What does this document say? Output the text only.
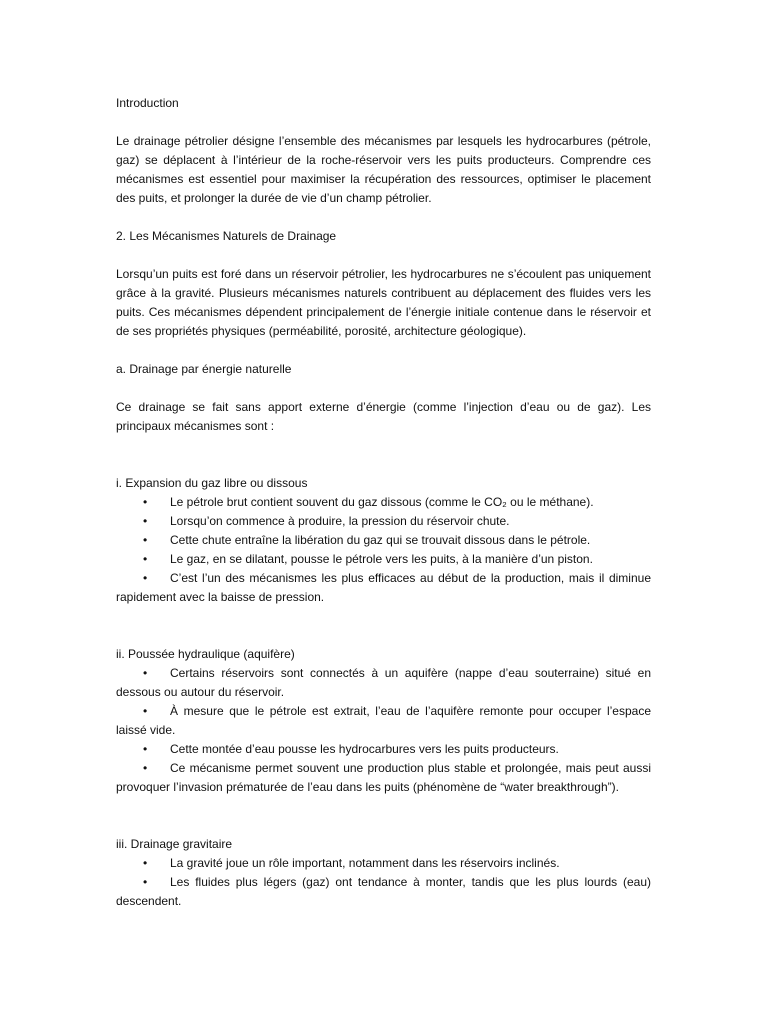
Introduction

Le drainage pétrolier désigne l’ensemble des mécanismes par lesquels les hydrocarbures (pétrole, gaz) se déplacent à l’intérieur de la roche-réservoir vers les puits producteurs. Comprendre ces mécanismes est essentiel pour maximiser la récupération des ressources, optimiser le placement des puits, et prolonger la durée de vie d’un champ pétrolier.

2. Les Mécanismes Naturels de Drainage

Lorsqu’un puits est foré dans un réservoir pétrolier, les hydrocarbures ne s’écoulent pas uniquement grâce à la gravité. Plusieurs mécanismes naturels contribuent au déplacement des fluides vers les puits. Ces mécanismes dépendent principalement de l’énergie initiale contenue dans le réservoir et de ses propriétés physiques (perméabilité, porosité, architecture géologique).

a. Drainage par énergie naturelle

Ce drainage se fait sans apport externe d’énergie (comme l’injection d’eau ou de gaz). Les principaux mécanismes sont :

i. Expansion du gaz libre ou dissous

• Le pétrole brut contient souvent du gaz dissous (comme le CO₂ ou le méthane).
• Lorsqu’on commence à produire, la pression du réservoir chute.
• Cette chute entraîne la libération du gaz qui se trouvait dissous dans le pétrole.
• Le gaz, en se dilatant, pousse le pétrole vers les puits, à la manière d’un piston.
• C’est l’un des mécanismes les plus efficaces au début de la production, mais il diminue rapidement avec la baisse de pression.

ii. Poussée hydraulique (aquifère)

• Certains réservoirs sont connectés à un aquifère (nappe d’eau souterraine) situé en dessous ou autour du réservoir.
• À mesure que le pétrole est extrait, l’eau de l’aquifère remonte pour occuper l’espace laissé vide.
• Cette montée d’eau pousse les hydrocarbures vers les puits producteurs.
• Ce mécanisme permet souvent une production plus stable et prolongée, mais peut aussi provoquer l’invasion prématurée de l’eau dans les puits (phénomène de “water breakthrough”).

iii. Drainage gravitaire

• La gravité joue un rôle important, notamment dans les réservoirs inclinés.
• Les fluides plus légers (gaz) ont tendance à monter, tandis que les plus lourds (eau) descendent.
